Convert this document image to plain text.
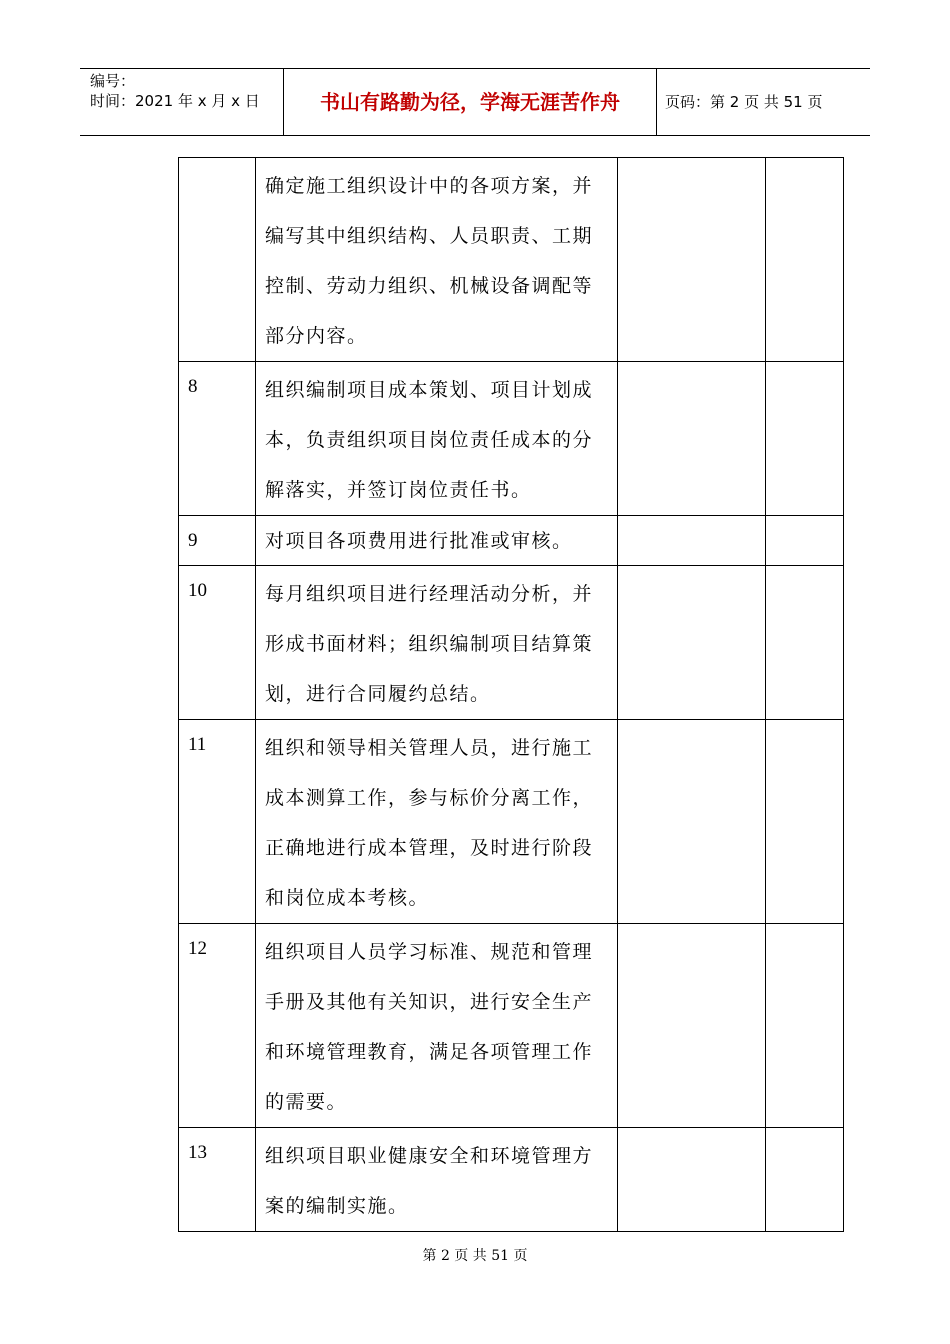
编号：
时间：2021 年 x 月 x 日	书山有路勤为径，学海无涯苦作舟	页码：第 2 页 共 51 页
	确定施工组织设计中的各项方案，并编写其中组织结构、人员职责、工期控制、劳动力组织、机械设备调配等部分内容。		
8	组织编制项目成本策划、项目计划成本，负责组织项目岗位责任成本的分解落实，并签订岗位责任书。		
9	对项目各项费用进行批准或审核。		
10	每月组织项目进行经理活动分析，并形成书面材料；组织编制项目结算策划，进行合同履约总结。		
11	组织和领导相关管理人员，进行施工成本测算工作，参与标价分离工作，正确地进行成本管理，及时进行阶段和岗位成本考核。		
12	组织项目人员学习标准、规范和管理手册及其他有关知识，进行安全生产和环境管理教育，满足各项管理工作的需要。		
13	组织项目职业健康安全和环境管理方案的编制实施。		
第 2 页 共 51 页
